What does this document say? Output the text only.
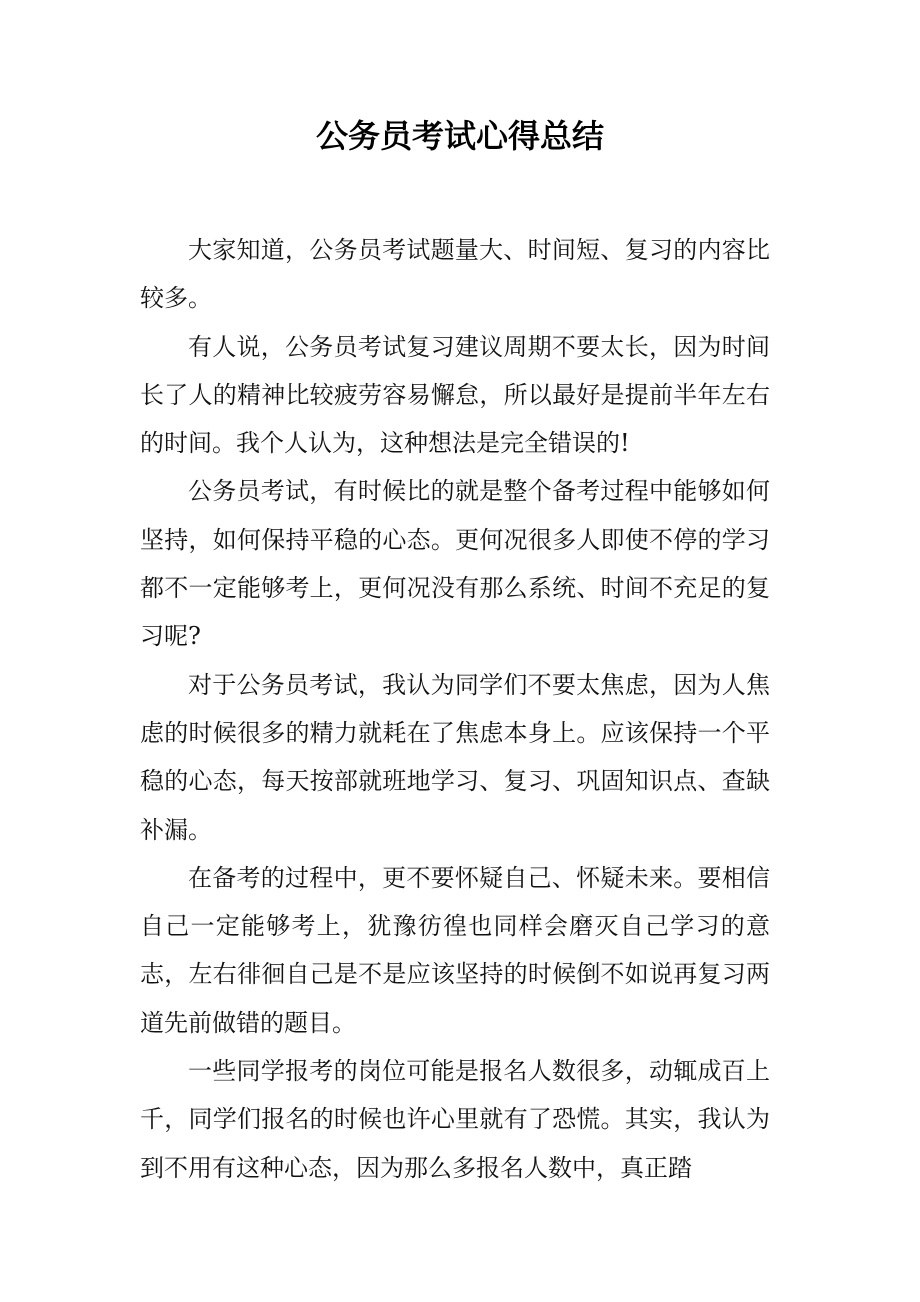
公务员考试心得总结

大家知道，公务员考试题量大、时间短、复习的内容比较多。

有人说，公务员考试复习建议周期不要太长，因为时间长了人的精神比较疲劳容易懈怠，所以最好是提前半年左右的时间。我个人认为，这种想法是完全错误的!

公务员考试，有时候比的就是整个备考过程中能够如何坚持，如何保持平稳的心态。更何况很多人即使不停的学习都不一定能够考上，更何况没有那么系统、时间不充足的复习呢?

对于公务员考试，我认为同学们不要太焦虑，因为人焦虑的时候很多的精力就耗在了焦虑本身上。应该保持一个平稳的心态，每天按部就班地学习、复习、巩固知识点、查缺补漏。

在备考的过程中，更不要怀疑自己、怀疑未来。要相信自己一定能够考上，犹豫彷徨也同样会磨灭自己学习的意志，左右徘徊自己是不是应该坚持的时候倒不如说再复习两道先前做错的题目。

一些同学报考的岗位可能是报名人数很多，动辄成百上千，同学们报名的时候也许心里就有了恐慌。其实，我认为到不用有这种心态，因为那么多报名人数中，真正踏
